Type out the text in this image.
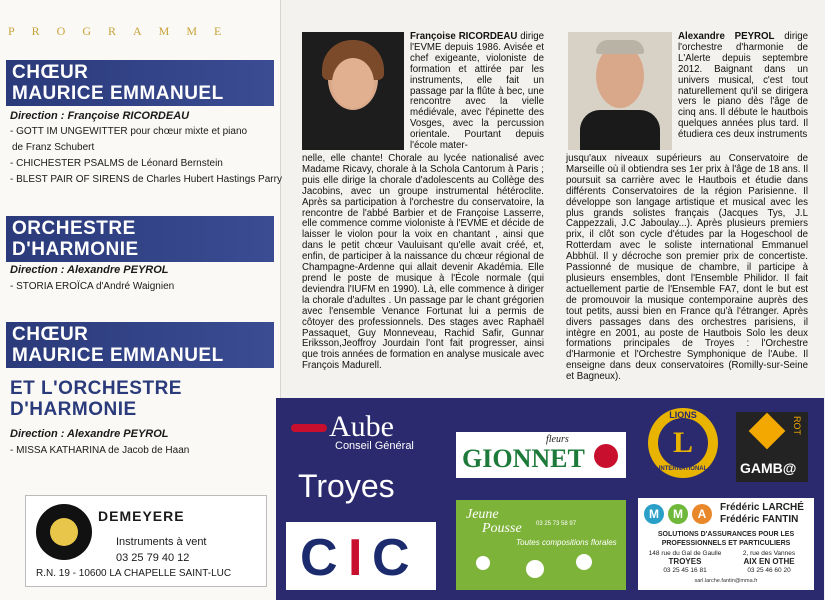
PROGRAMME
CHŒUR
MAURICE EMMANUEL
Direction : Françoise RICORDEAU
- GOTT IM UNGEWITTER pour chœur mixte et piano
de Franz Schubert
- CHICHESTER PSALMS de Léonard Bernstein
- BLEST PAIR OF SIRENS de Charles Hubert Hastings Parry
ORCHESTRE
D'HARMONIE
Direction : Alexandre PEYROL
- STORIA EROÏCA d'André Waignien
CHŒUR
MAURICE EMMANUEL
ET L'ORCHESTRE
D'HARMONIE
Direction : Alexandre PEYROL
- MISSA KATHARINA de Jacob de Haan
DEMEYERE
Instruments à vent
03 25 79 40 12
R.N. 19 - 10600 LA CHAPELLE SAINT-LUC
Françoise RICORDEAU dirige l'EVME depuis 1986. Avisée et chef exigeante, violoniste de formation et attirée par les instruments, elle fait un passage par la flûte à bec, une rencontre avec la vielle médiévale, avec l'épinette des Vosges, avec la percussion orientale. Pourtant depuis l'école mater-
nelle, elle chante! Chorale au lycée nationalisé avec Madame Ricavy, chorale à la Schola Cantorum à Paris ; puis elle dirige la chorale d'adolescents au Collège des Jacobins, avec un groupe instrumental hétéroclite. Après sa participation à l'orchestre du conservatoire, la rencontre de l'abbé Barbier et de Françoise Lasserre, elle commence comme violoniste à l'EVME et décide de laisser le violon pour la voix en chantant , ainsi que dans le petit chœur Vauluisant qu'elle avait créé, et, enfin, de participer à la naissance du chœur régional de Champagne-Ardenne qui allait devenir Akadémia. Elle prend le poste de musique à l'École normale (qui deviendra l'IUFM en 1990). Là, elle commence à diriger la chorale d'adultes . Un passage par le chant grégorien avec l'ensemble Venance Fortunat lui a permis de côtoyer des professionnels. Des stages avec Raphaël Passaquet, Guy Monneveau, Rachid Safir, Gunnar Eriksson,Jeoffroy Jourdain l'ont fait progresser, ainsi que trois années de formation en analyse musicale avec François Madurell.
Alexandre PEYROL dirige l'orchestre d'harmonie de L'Alerte depuis septembre 2012. Baignant dans un univers musical, c'est tout naturellement qu'il se dirigera vers le piano dès l'âge de cinq ans. Il débute le hautbois quelques années plus tard. Il étudiera ces deux instruments
jusqu'aux niveaux supérieurs au Conservatoire de Marseille où il obtiendra ses 1er prix à l'âge de 18 ans. Il poursuit sa carrière avec le Hautbois et étudie dans différents Conservatoires de la région Parisienne. Il développe son langage artistique et musical avec les plus grands solistes français (Jacques Tys, J.L Cappezzali, J.C Jaboulay...). Après plusieurs premiers prix, il clôt son cycle d'études par la Hogeschool de Rotterdam avec le soliste international Emmanuel Abbhül. Il y décroche son premier prix de concertiste. Passionné de musique de chambre, il participe à plusieurs ensembles, dont l'Ensemble Philidor. Il fait actuellement partie de l'Ensemble FA7, dont le but est de promouvoir la musique contemporaine auprès des tout petits, aussi bien en France qu'à l'étranger. Après divers passages dans des orchestres parisiens, il intègre en 2001, au poste de Hautbois Solo les deux formations principales de Troyes : l'Orchestre d'Harmonie et l'Orchestre Symphonique de l'Aube. Il enseigne dans deux conservatoires (Romilly-sur-Seine et Bagneux).
Aube
Conseil Général
Troyes
C I C
fleurs
GIONNET	L
LIONS
INTERNATIONAL
ROT
GAMB@
Jeune
Pousse 03 25 73 58 97
Toutes compositions florales
M	M	A	Frédéric LARCHÉ
Frédéric FANTIN
SOLUTIONS D'ASSURANCES POUR LES PROFESSIONNELS ET PARTICULIERS
148 rue du Gal de Gaulle
TROYES
03 25 45 16 81
2, rue des Vannes
AIX EN OTHE
03 25 46 60 20
sarl.larche.fantin@mma.fr
